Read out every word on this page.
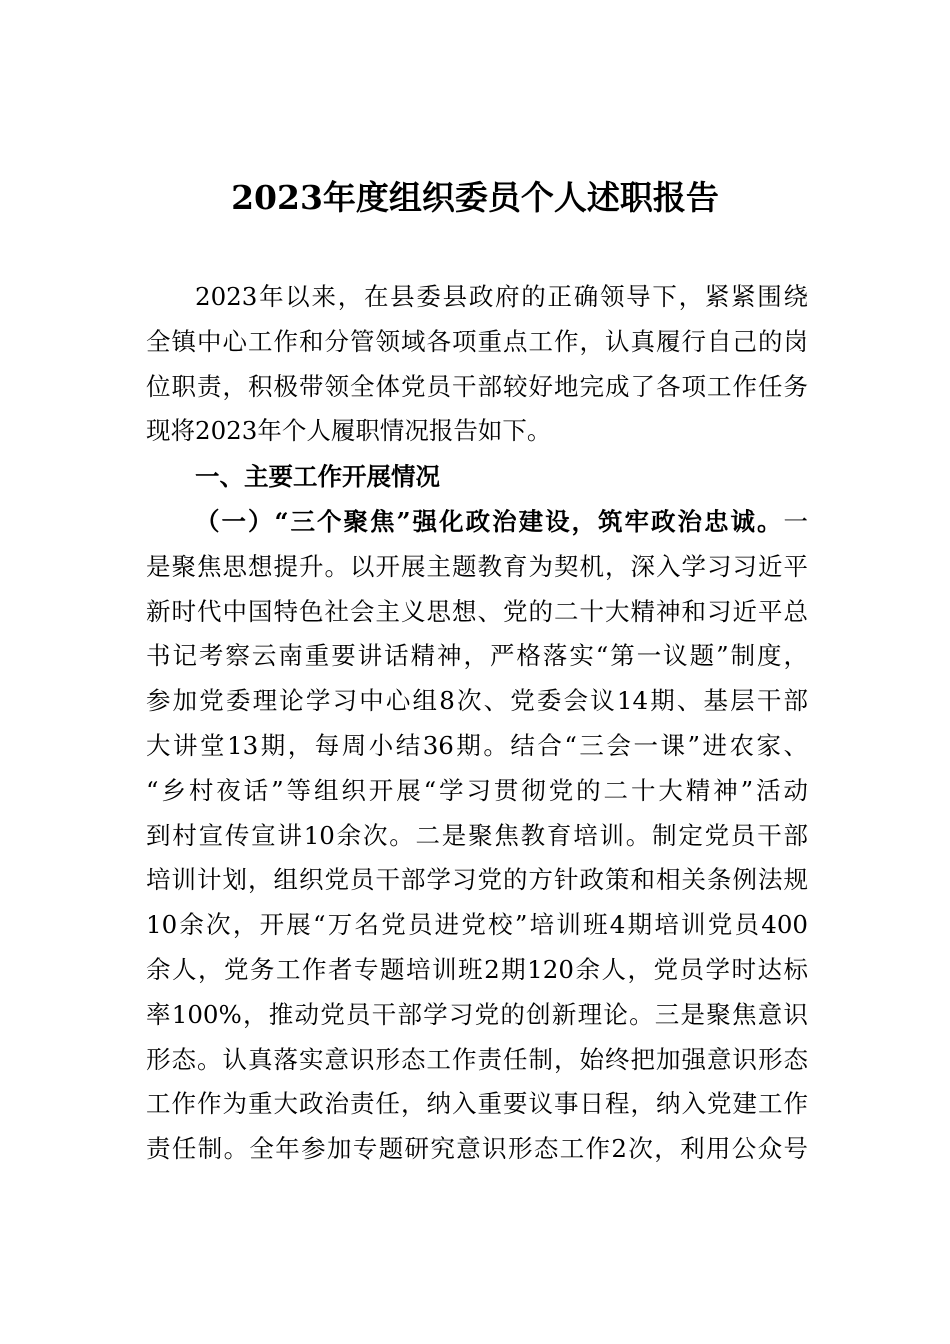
2023年度组织委员个人述职报告
2023年以来，在县委县政府的正确领导下，紧紧围绕
全镇中心工作和分管领域各项重点工作，认真履行自己的岗
位职责，积极带领全体党员干部较好地完成了各项工作任务
现将2023年个人履职情况报告如下。
一、主要工作开展情况
（一）“三个聚焦”强化政治建设，筑牢政治忠诚。一
是聚焦思想提升。以开展主题教育为契机，深入学习习近平
新时代中国特色社会主义思想、党的二十大精神和习近平总
书记考察云南重要讲话精神，严格落实“第一议题”制度，
参加党委理论学习中心组8次、党委会议14期、基层干部
大讲堂13期，每周小结36期。结合“三会一课”进农家、
“乡村夜话”等组织开展“学习贯彻党的二十大精神”活动
到村宣传宣讲10余次。二是聚焦教育培训。制定党员干部
培训计划，组织党员干部学习党的方针政策和相关条例法规
10余次，开展“万名党员进党校”培训班4期培训党员400
余人，党务工作者专题培训班2期120余人，党员学时达标
率100%，推动党员干部学习党的创新理论。三是聚焦意识
形态。认真落实意识形态工作责任制，始终把加强意识形态
工作作为重大政治责任，纳入重要议事日程，纳入党建工作
责任制。全年参加专题研究意识形态工作2次，利用公众号
